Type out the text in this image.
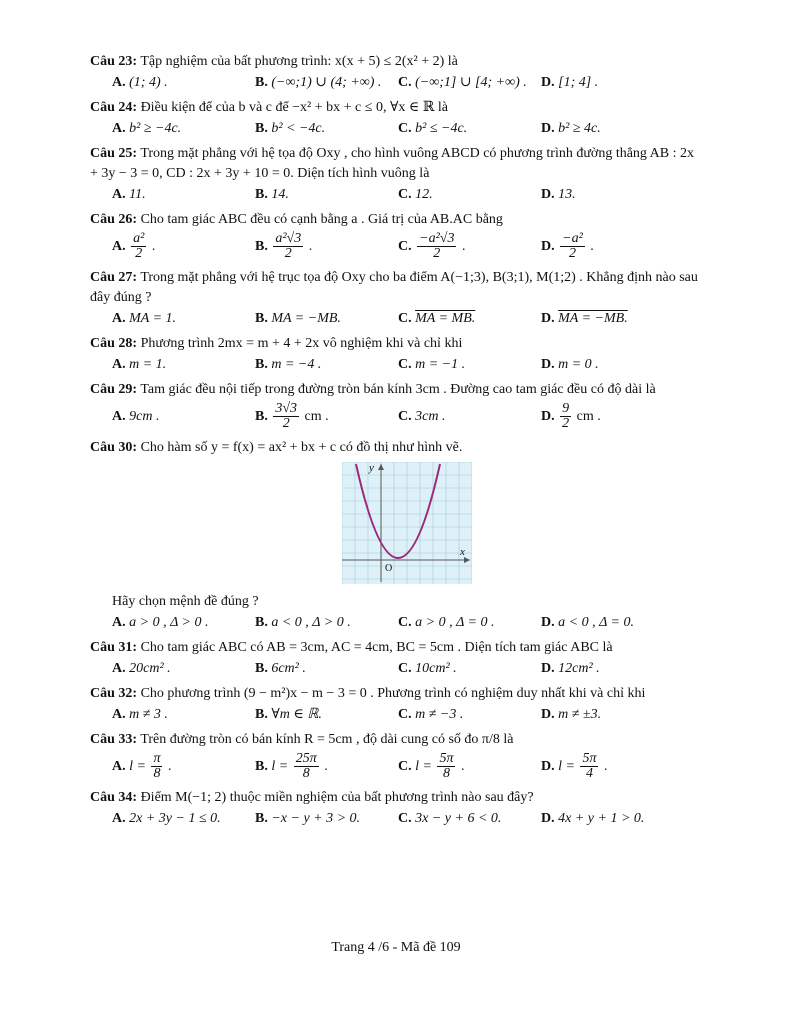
Câu 23: Tập nghiệm của bất phương trình: x(x + 5) ≤ 2(x² + 2) là

A. (1; 4) .	B. (−∞;1) ∪ (4; +∞) .	C. (−∞;1] ∪ [4; +∞) .	D. [1; 4] .

Câu 24: Điều kiện để của b và c để −x² + bx + c ≤ 0, ∀x ∈ ℝ là

A. b² ≥ −4c.	B. b² < −4c.	C. b² ≤ −4c.	D. b² ≥ 4c.

Câu 25: Trong mặt phẳng với hệ tọa độ Oxy , cho hình vuông ABCD có phương trình đường thẳng AB : 2x + 3y − 3 = 0, CD : 2x + 3y + 10 = 0. Diện tích hình vuông là

A. 11.	B. 14.	C. 12.	D. 13.

Câu 26: Cho tam giác ABC đều có cạnh bằng a . Giá trị của AB.AC bằng

A. $\frac{\text{a²}}{2}$ .	B. $\frac{\text{a²√3}}{2}$ .	C. $\frac{\text{−a²√3}}{2}$ .	D. $\frac{\text{−a²}}{2}$ .

Câu 27: Trong mặt phẳng với hệ trục tọa độ Oxy cho ba điểm A(−1;3), B(3;1), M(1;2) . Khẳng định nào sau đây đúng ?

A. MA = 1.	B. MA = −MB.	C. MA = MB.	D. MA = −MB.

Câu 28: Phương trình 2mx = m + 4 + 2x vô nghiệm khi và chỉ khi

A. m = 1.	B. m = −4 .	C. m = −1 .	D. m = 0 .

Câu 29: Tam giác đều nội tiếp trong đường tròn bán kính 3cm . Đường cao tam giác đều có độ dài là

A. 9cm .	B. $\frac{3√3}{2}$ cm .	C. 3cm .	D. $\frac{9}{2}$ cm .

Câu 30: Cho hàm số y = f(x) = ax² + bx + c có đồ thị như hình vẽ.

y
x
O

Hãy chọn mệnh đề đúng ?

A. a > 0 , Δ > 0 .	B. a < 0 , Δ > 0 .	C. a > 0 , Δ = 0 .	D. a < 0 , Δ = 0.

Câu 31: Cho tam giác ABC có AB = 3cm, AC = 4cm, BC = 5cm . Diện tích tam giác ABC là

A. 20cm² .	B. 6cm² .	C. 10cm² .	D. 12cm² .

Câu 32: Cho phương trình (9 − m²)x − m − 3 = 0 . Phương trình có nghiệm duy nhất khi và chỉ khi

A. m ≠ 3 .	B. ∀m ∈ ℝ.	C. m ≠ −3 .	D. m ≠ ±3.

Câu 33: Trên đường tròn có bán kính R = 5cm , độ dài cung có số đo π/8 là

A. $l = \frac{\pi}{8}$ .	B. $l = \frac{25\pi}{8}$ .	C. $l = \frac{5\pi}{8}$ .	D. $l = \frac{5\pi}{4}$ .

Câu 34: Điểm M(−1; 2) thuộc miền nghiệm của bất phương trình nào sau đây?

A. 2x + 3y − 1 ≤ 0.	B. −x − y + 3 > 0.	C. 3x − y + 6 < 0.	D. 4x + y + 1 > 0.
Trang 4 /6 - Mã đề 109
